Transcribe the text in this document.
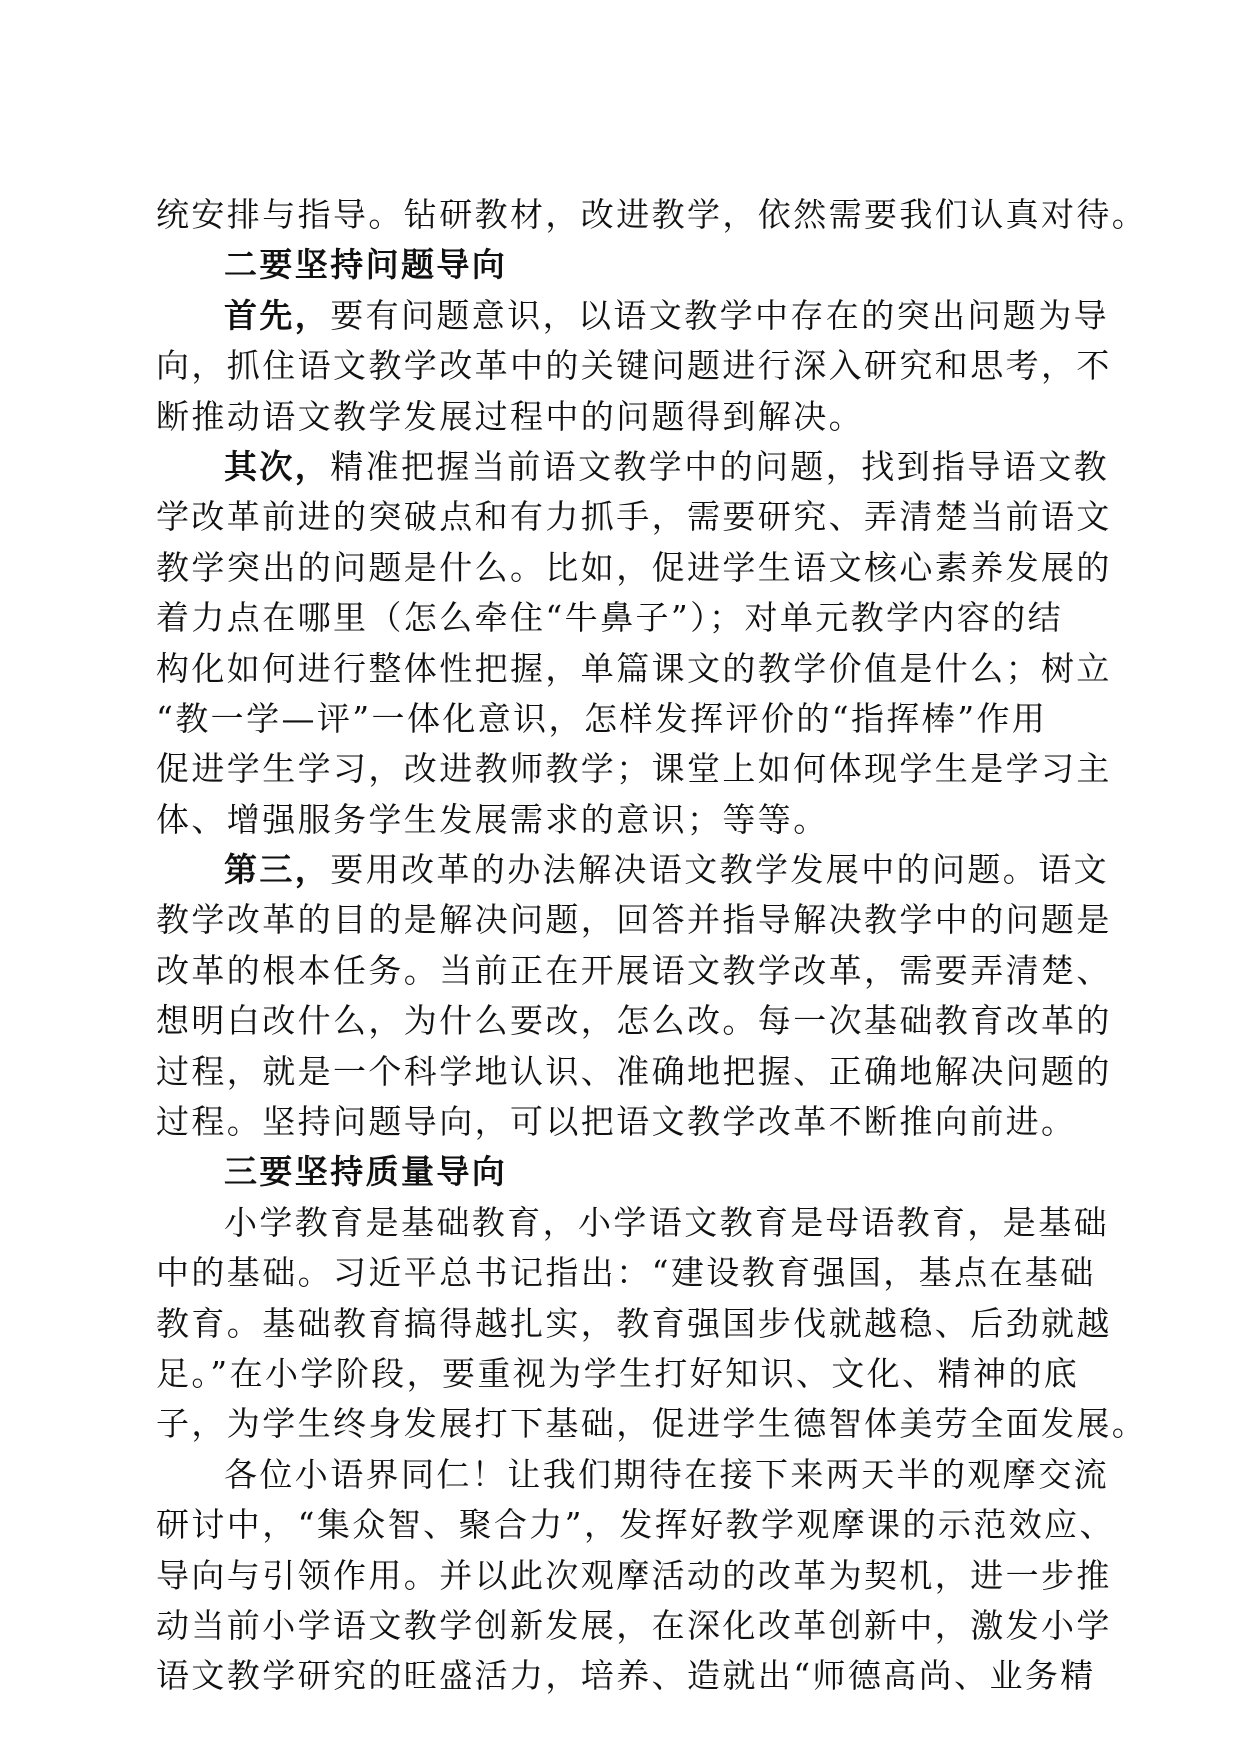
统安排与指导。钻研教材，改进教学，依然需要我们认真对待。
二要坚持问题导向
首先，要有问题意识，以语文教学中存在的突出问题为导
向，抓住语文教学改革中的关键问题进行深入研究和思考，不
断推动语文教学发展过程中的问题得到解决。
其次，精准把握当前语文教学中的问题，找到指导语文教
学改革前进的突破点和有力抓手，需要研究、弄清楚当前语文
教学突出的问题是什么。比如，促进学生语文核心素养发展的
着力点在哪里（怎么牵住“牛鼻子”）；对单元教学内容的结
构化如何进行整体性把握，单篇课文的教学价值是什么；树立
“教一学—评”一体化意识，怎样发挥评价的“指挥棒”作用
促进学生学习，改进教师教学；课堂上如何体现学生是学习主
体、增强服务学生发展需求的意识；等等。
第三，要用改革的办法解决语文教学发展中的问题。语文
教学改革的目的是解决问题，回答并指导解决教学中的问题是
改革的根本任务。当前正在开展语文教学改革，需要弄清楚、
想明白改什么，为什么要改，怎么改。每一次基础教育改革的
过程，就是一个科学地认识、准确地把握、正确地解决问题的
过程。坚持问题导向，可以把语文教学改革不断推向前进。
三要坚持质量导向
小学教育是基础教育，小学语文教育是母语教育，是基础
中的基础。习近平总书记指出：“建设教育强国，基点在基础
教育。基础教育搞得越扎实，教育强国步伐就越稳、后劲就越
足。”在小学阶段，要重视为学生打好知识、文化、精神的底
子，为学生终身发展打下基础，促进学生德智体美劳全面发展。
各位小语界同仁！让我们期待在接下来两天半的观摩交流
研讨中，“集众智、聚合力”，发挥好教学观摩课的示范效应、
导向与引领作用。并以此次观摩活动的改革为契机，进一步推
动当前小学语文教学创新发展，在深化改革创新中，激发小学
语文教学研究的旺盛活力，培养、造就出“师德高尚、业务精
